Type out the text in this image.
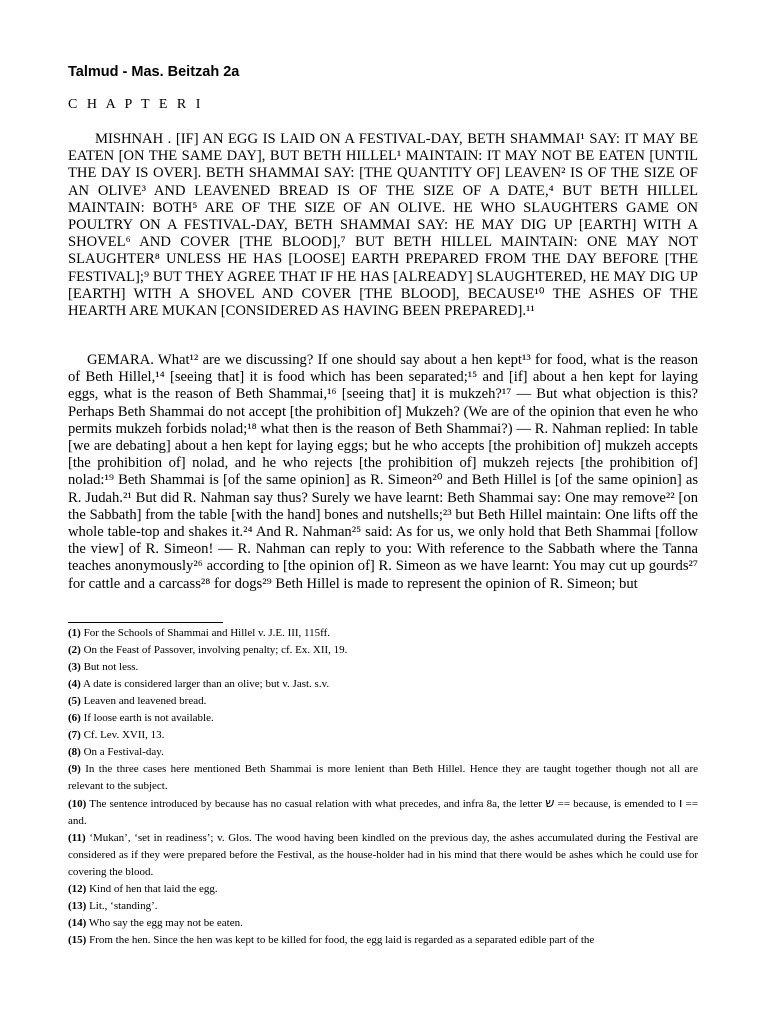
Talmud - Mas. Beitzah 2a

C H A P T E R I

MISHNAH . [IF] AN EGG IS LAID ON A FESTIVAL-DAY, BETH SHAMMAI¹ SAY: IT MAY BE EATEN [ON THE SAME DAY], BUT BETH HILLEL¹ MAINTAIN: IT MAY NOT BE EATEN [UNTIL THE DAY IS OVER]. BETH SHAMMAI SAY: [THE QUANTITY OF] LEAVEN² IS OF THE SIZE OF AN OLIVE³ AND LEAVENED BREAD IS OF THE SIZE OF A DATE,⁴ BUT BETH HILLEL MAINTAIN: BOTH⁵ ARE OF THE SIZE OF AN OLIVE. HE WHO SLAUGHTERS GAME ON POULTRY ON A FESTIVAL-DAY, BETH SHAMMAI SAY: HE MAY DIG UP [EARTH] WITH A SHOVEL⁶ AND COVER [THE BLOOD],⁷ BUT BETH HILLEL MAINTAIN: ONE MAY NOT SLAUGHTER⁸ UNLESS HE HAS [LOOSE] EARTH PREPARED FROM THE DAY BEFORE [THE FESTIVAL];⁹ BUT THEY AGREE THAT IF HE HAS [ALREADY] SLAUGHTERED, HE MAY DIG UP [EARTH] WITH A SHOVEL AND COVER [THE BLOOD], BECAUSE¹⁰ THE ASHES OF THE HEARTH ARE MUKAN [CONSIDERED AS HAVING BEEN PREPARED].¹¹

GEMARA. What¹² are we discussing? If one should say about a hen kept¹³ for food, what is the reason of Beth Hillel,¹⁴ [seeing that] it is food which has been separated;¹⁵ and [if] about a hen kept for laying eggs, what is the reason of Beth Shammai,¹⁶ [seeing that] it is mukzeh?¹⁷ — But what objection is this? Perhaps Beth Shammai do not accept [the prohibition of] Mukzeh? (We are of the opinion that even he who permits mukzeh forbids nolad;¹⁸ what then is the reason of Beth Shammai?) — R. Nahman replied: In table [we are debating] about a hen kept for laying eggs; but he who accepts [the prohibition of] mukzeh accepts [the prohibition of] nolad, and he who rejects [the prohibition of] mukzeh rejects [the prohibition of] nolad:¹⁹ Beth Shammai is [of the same opinion] as R. Simeon²⁰ and Beth Hillel is [of the same opinion] as R. Judah.²¹ But did R. Nahman say thus? Surely we have learnt: Beth Shammai say: One may remove²² [on the Sabbath] from the table [with the hand] bones and nutshells;²³ but Beth Hillel maintain: One lifts off the whole table-top and shakes it.²⁴ And R. Nahman²⁵ said: As for us, we only hold that Beth Shammai [follow the view] of R. Simeon! — R. Nahman can reply to you: With reference to the Sabbath where the Tanna teaches anonymously²⁶ according to [the opinion of] R. Simeon as we have learnt: You may cut up gourds²⁷ for cattle and a carcass²⁸ for dogs²⁹ Beth Hillel is made to represent the opinion of R. Simeon; but

(1) For the Schools of Shammai and Hillel v. J.E. III, 115ff.
(2) On the Feast of Passover, involving penalty; cf. Ex. XII, 19.
(3) But not less.
(4) A date is considered larger than an olive; but v. Jast. s.v.
(5) Leaven and leavened bread.
(6) If loose earth is not available.
(7) Cf. Lev. XVII, 13.
(8) On a Festival-day.
(9) In the three cases here mentioned Beth Shammai is more lenient than Beth Hillel. Hence they are taught together though not all are relevant to the subject.
(10) The sentence introduced by because has no casual relation with what precedes, and infra 8a, the letter ש == because, is emended to ו == and.
(11) ‘Mukan’, ‘set in readiness’; v. Glos. The wood having been kindled on the previous day, the ashes accumulated during the Festival are considered as if they were prepared before the Festival, as the house-holder had in his mind that there would be ashes which he could use for covering the blood.
(12) Kind of hen that laid the egg.
(13) Lit., ‘standing’.
(14) Who say the egg may not be eaten.
(15) From the hen. Since the hen was kept to be killed for food, the egg laid is regarded as a separated edible part of the
